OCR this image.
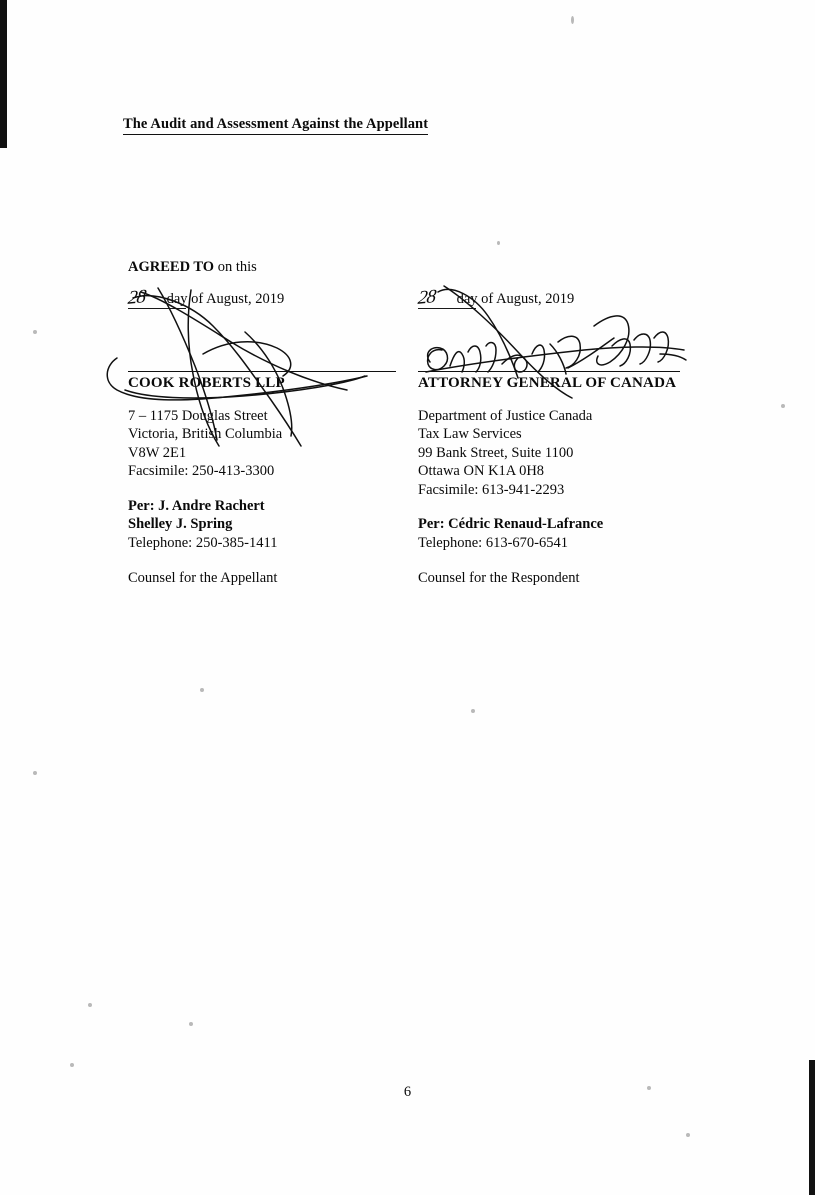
The Audit and Assessment Against the Appellant
AGREED TO on this
28 day of August, 2019
COOK ROBERTS LLP
7 – 1175 Douglas Street
Victoria, British Columbia
V8W 2E1
Facsimile: 250-413-3300
Per: J. Andre Rachert
Shelley J. Spring
Telephone: 250-385-1411
Counsel for the Appellant
28 day of August, 2019
ATTORNEY GENERAL OF CANADA
Department of Justice Canada
Tax Law Services
99 Bank Street, Suite 1100
Ottawa ON K1A 0H8
Facsimile: 613-941-2293
Per: Cédric Renaud-Lafrance
Telephone: 613-670-6541
Counsel for the Respondent
6
